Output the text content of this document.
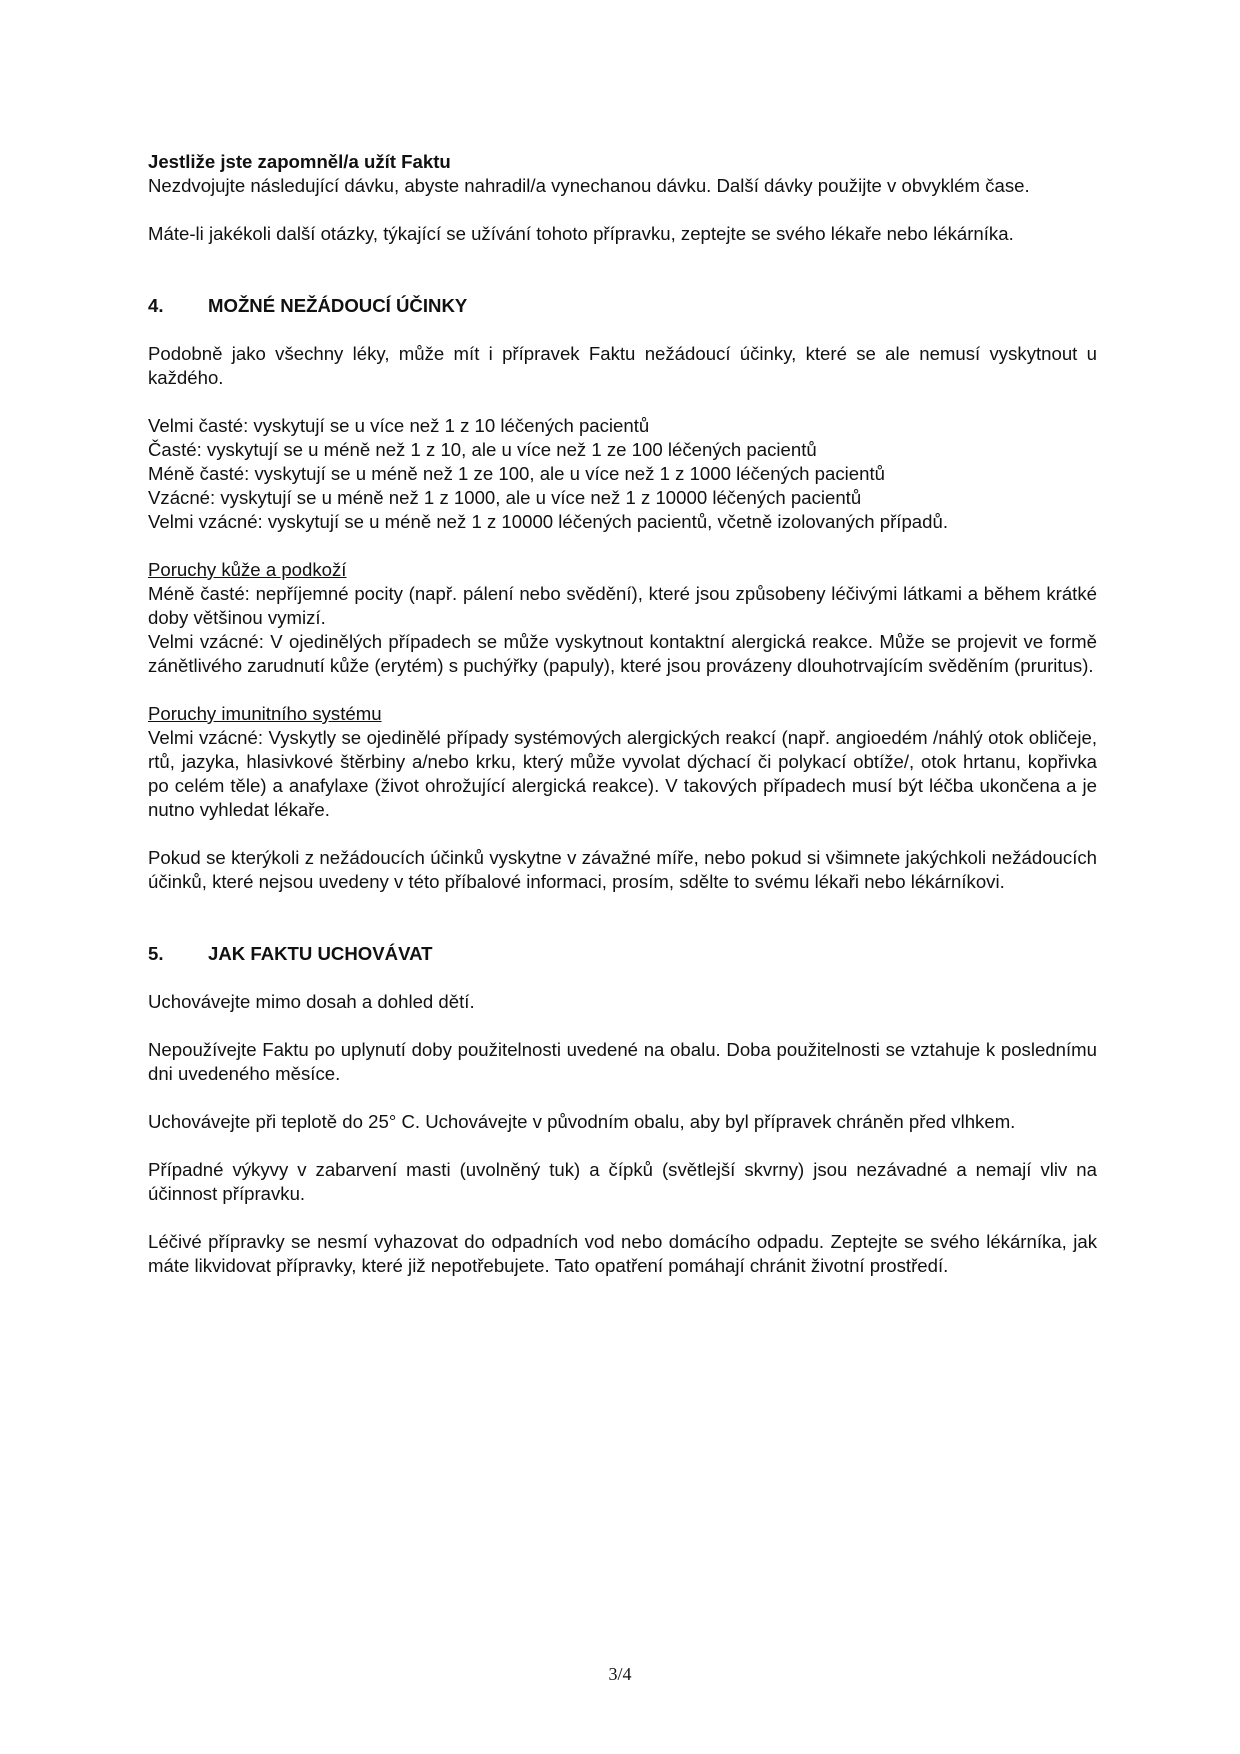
Jestliže jste zapomněl/a užít Faktu

Nezdvojujte následující dávku, abyste nahradil/a vynechanou dávku. Další dávky použijte v obvyklém čase.

Máte-li jakékoli další otázky, týkající se užívání tohoto přípravku, zeptejte se svého lékaře nebo lékárníka.

4.	MOŽNÉ NEŽÁDOUCÍ ÚČINKY

Podobně jako všechny léky, může mít i přípravek Faktu nežádoucí účinky, které se ale nemusí vyskytnout u každého.

Velmi časté: vyskytují se u více než 1 z 10 léčených pacientů

Časté: vyskytují se u méně než 1 z 10, ale u více než 1 ze 100 léčených pacientů

Méně časté: vyskytují se u méně než 1 ze 100, ale u více než 1 z 1000 léčených pacientů

Vzácné: vyskytují se u méně než 1 z 1000, ale u více než 1 z 10000 léčených pacientů

Velmi vzácné: vyskytují se u méně než 1 z 10000 léčených pacientů, včetně izolovaných případů.

Poruchy kůže a podkoží

Méně časté: nepříjemné pocity (např. pálení nebo svědění), které jsou způsobeny léčivými látkami a během krátké doby většinou vymizí.

Velmi vzácné: V ojedinělých případech se může vyskytnout kontaktní alergická reakce. Může se projevit ve formě zánětlivého zarudnutí kůže (erytém) s puchýřky (papuly), které jsou provázeny dlouhotrvajícím svěděním (pruritus).

Poruchy imunitního systému

Velmi vzácné: Vyskytly se ojedinělé případy systémových alergických reakcí (např. angioedém /náhlý otok obličeje, rtů, jazyka, hlasivkové štěrbiny a/nebo krku, který může vyvolat dýchací či polykací obtíže/, otok hrtanu, kopřivka po celém těle) a anafylaxe (život ohrožující alergická reakce). V takových případech musí být léčba ukončena a je nutno vyhledat lékaře.

Pokud se kterýkoli z nežádoucích účinků vyskytne v závažné míře, nebo pokud si všimnete jakýchkoli nežádoucích účinků, které nejsou uvedeny v této příbalové informaci, prosím, sdělte to svému lékaři nebo lékárníkovi.

5.	JAK FAKTU UCHOVÁVAT

Uchovávejte mimo dosah a dohled dětí.

Nepoužívejte Faktu po uplynutí doby použitelnosti uvedené na obalu. Doba použitelnosti se vztahuje k poslednímu dni uvedeného měsíce.

Uchovávejte při teplotě do 25° C. Uchovávejte v původním obalu, aby byl přípravek chráněn před vlhkem.

Případné výkyvy v zabarvení masti (uvolněný tuk) a čípků (světlejší skvrny) jsou nezávadné a nemají vliv na účinnost přípravku.

Léčivé přípravky se nesmí vyhazovat do odpadních vod nebo domácího odpadu. Zeptejte se svého lékárníka, jak máte likvidovat přípravky, které již nepotřebujete. Tato opatření pomáhají chránit životní prostředí.

3/4
